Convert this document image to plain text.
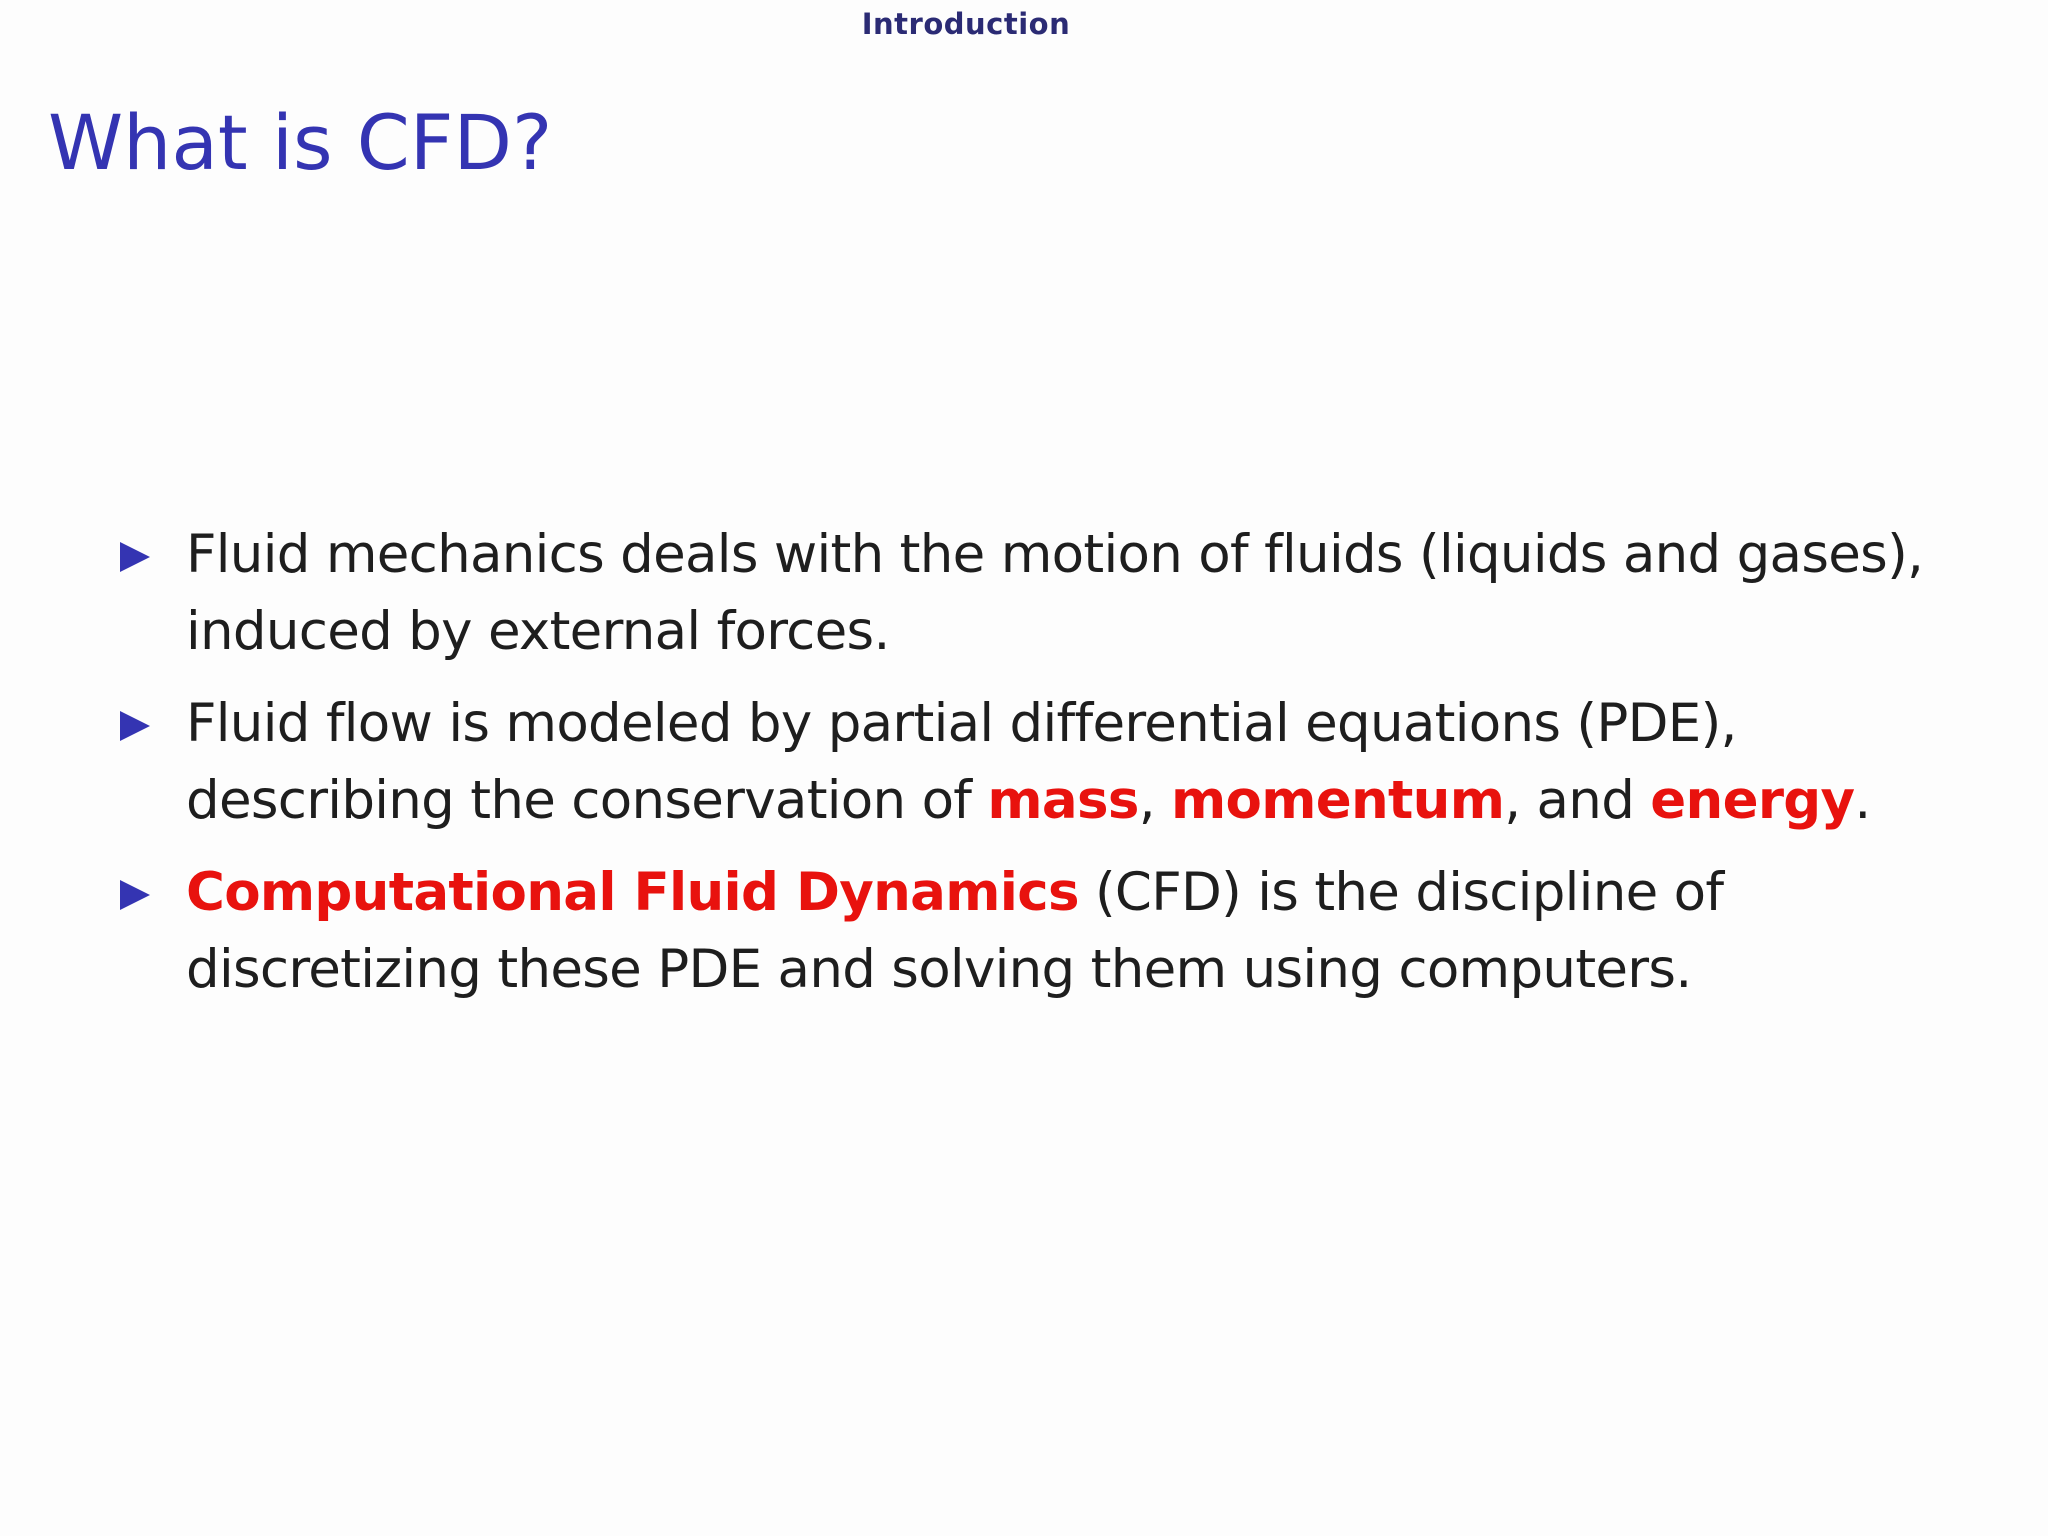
Introduction
What is CFD?
Fluid mechanics deals with the motion of fluids (liquids and gases), induced by external forces.
Fluid flow is modeled by partial differential equations (PDE), describing the conservation of mass, momentum, and energy.
Computational Fluid Dynamics (CFD) is the discipline of discretizing these PDE and solving them using computers.
